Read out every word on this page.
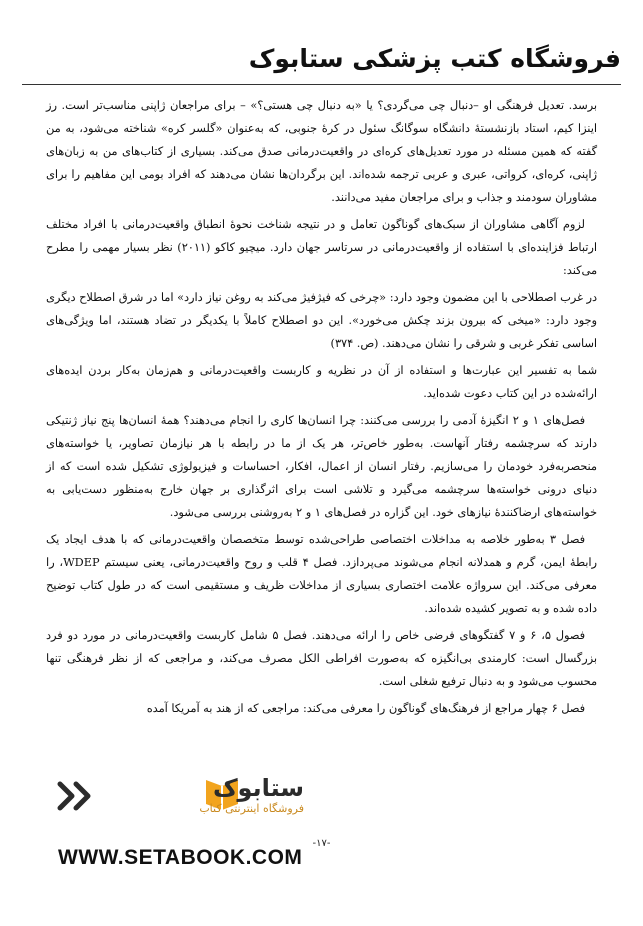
فروشگاه کتب پزشکی ستابوک

برسد. تعدیل فرهنگی او –دنبال چی می‌گردی؟ یا «به دنبال چی هستی؟» – برای مراجعان ژاپنی مناسب‌تر است. رز اینزا کیم، استاد بازنشستهٔ دانشگاه سوگانگ سئول در کرهٔ جنوبی، که به‌عنوان «گلسر کره» شناخته می‌شود، به من گفته که همین مسئله در مورد تعدیل‌های کره‌ای در واقعیت‌درمانی صدق می‌کند. بسیاری از کتاب‌های من به زبان‌های ژاپنی، کره‌ای، کرواتی، عبری و عربی ترجمه شده‌اند. این برگردان‌ها نشان می‌دهند که افراد بومی این مفاهیم را برای مشاوران سودمند و جذاب و برای مراجعان مفید می‌دانند.

لزوم آگاهی مشاوران از سبک‌های گوناگون تعامل و در نتیجه شناخت نحوهٔ انطباق واقعیت‌درمانی با افراد مختلف ارتباط فزاینده‌ای با استفاده از واقعیت‌درمانی در سرتاسر جهان دارد. میچیو کاکو (۲۰۱۱) نظر بسیار مهمی را مطرح می‌کند:

در غرب اصطلاحی با این مضمون وجود دارد: «چرخی که فیژفیژ می‌کند به روغن نیاز دارد» اما در شرق اصطلاح دیگری وجود دارد: «میخی که بیرون بزند چکش می‌خورد». این دو اصطلاح کاملاً با یکدیگر در تضاد هستند، اما ویژگی‌های اساسی تفکر غربی و شرقی را نشان می‌دهند. (ص. ۳۷۴)

شما به تفسیر این عبارت‌ها و استفاده از آن در نظریه و کاربست واقعیت‌درمانی و هم‌زمان به‌کار بردن ایده‌های ارائه‌شده در این کتاب دعوت شده‌اید.

فصل‌های ۱ و ۲ انگیزهٔ آدمی را بررسی می‌کنند: چرا انسان‌ها کاری را انجام می‌دهند؟ همهٔ انسان‌ها پنج نیاز ژنتیکی دارند که سرچشمه رفتار آنهاست. به‌طور خاص‌تر، هر یک از ما در رابطه با هر نیازمان تصاویر، یا خواسته‌های منحصربه‌فرد خودمان را می‌سازیم. رفتار انسان از اعمال، افکار، احساسات و فیزیولوژی تشکیل شده است که از دنیای درونی خواسته‌ها سرچشمه می‌گیرد و تلاشی است برای اثرگذاری بر جهان خارج به‌منظور دست‌یابی به خواسته‌های ارضاکنندهٔ نیازهای خود. این گزاره در فصل‌های ۱ و ۲ به‌روشنی بررسی می‌شود.

فصل ۳ به‌طور خلاصه به مداخلات اختصاصی طراحی‌شده توسط متخصصان واقعیت‌درمانی که با هدف ایجاد یک رابطهٔ ایمن، گرم و همدلانه انجام می‌شوند می‌پردازد. فصل ۴ قلب و روح واقعیت‌درمانی، یعنی سیستم WDEP، را معرفی می‌کند. این سرواژه علامت اختصاری بسیاری از مداخلات ظریف و مستقیمی است که در طول کتاب توضیح داده شده و به تصویر کشیده شده‌اند.

فصول ۵، ۶ و ۷ گفتگوهای فرضی خاص را ارائه می‌دهند. فصل ۵ شامل کاربست واقعیت‌درمانی در مورد دو فرد بزرگسال است: کارمندی بی‌انگیزه که به‌صورت افراطی الکل مصرف می‌کند، و مراجعی که از نظر فرهنگی تنها محسوب می‌شود و به دنبال ترفیع شغلی است.

فصل ۶ چهار مراجع از فرهنگ‌های گوناگون را معرفی می‌کند: مراجعی که از هند به آمریکا آمده

ستابوک
فروشگاه اینترنتی کتاب
-۱۷-
WWW.SETABOOK.COM
